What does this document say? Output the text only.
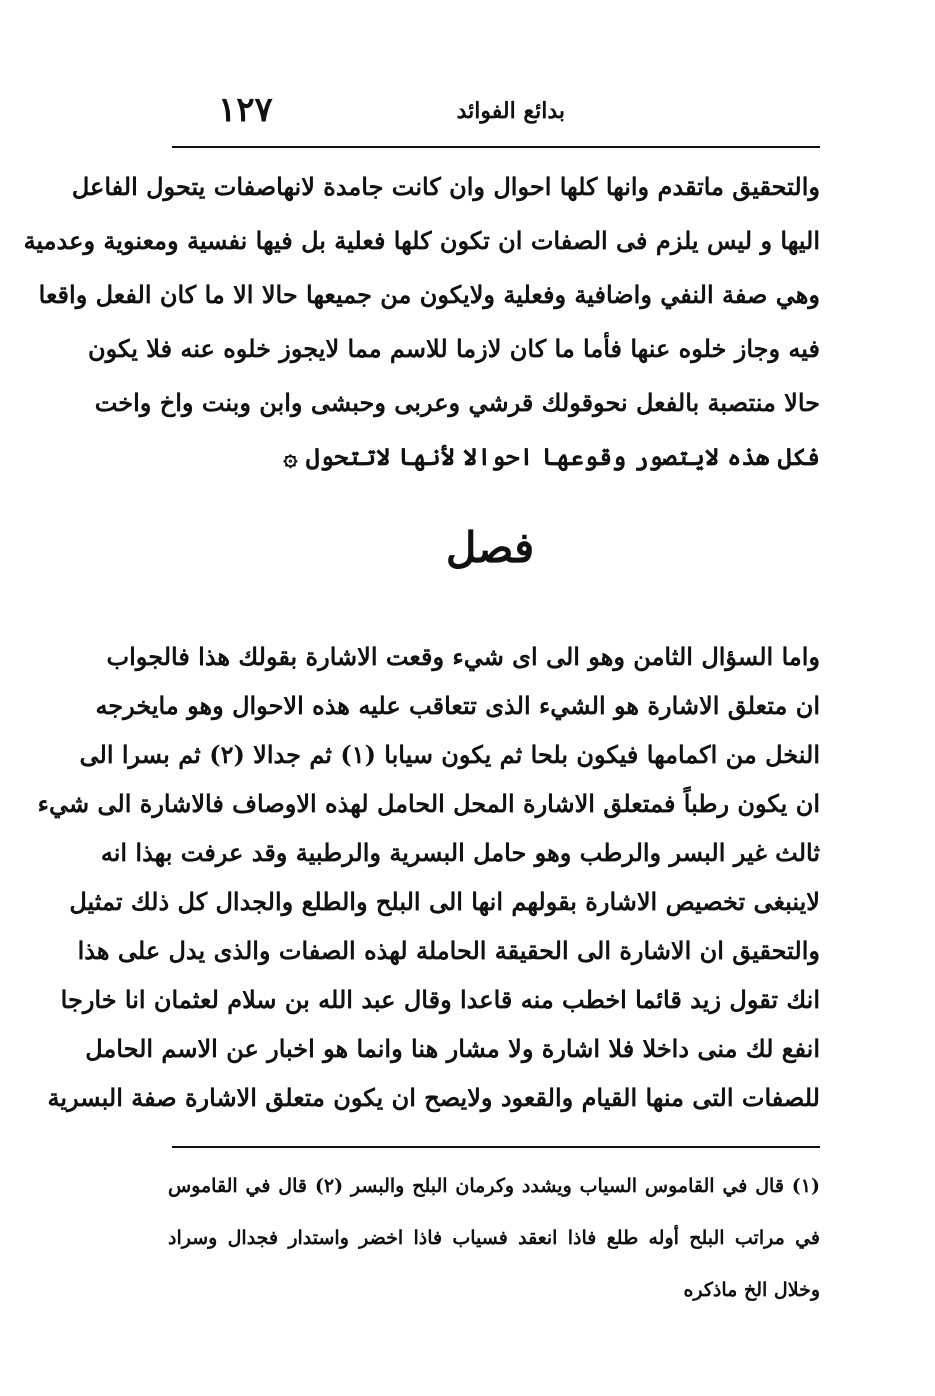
بدائع الفوائد
١٢٧
والتحقيق ماتقدم وانها كلها احوال وان كانت جامدة لانهاصفات يتحول الفاعل
اليها و ليس يلزم فى الصفات ان تكون كلها فعلية بل فيها نفسية ومعنوية وعدمية
وهي صفة النفي واضافية وفعلية ولايكون من جميعها حالا الا ما كان الفعل واقعا
فيه وجاز خلوه عنها فأما ما كان لازما للاسم مما لايجوز خلوه عنه فلا يكون
حالا منتصبة بالفعل نحوقولك قرشي وعربى وحبشى وابن وبنت واخ واخت
فكل هذه لايتصور وقوعها احوالا لأنها لاتتحول ۞
فصل
واما السؤال الثامن وهو الى اى شيء وقعت الاشارة بقولك هذا فالجواب
ان متعلق الاشارة هو الشيء الذى تتعاقب عليه هذه الاحوال وهو مايخرجه
النخل من اكمامها فيكون بلحا ثم يكون سيابا (١) ثم جدالا (٢) ثم بسرا الى
ان يكون رطباً فمتعلق الاشارة المحل الحامل لهذه الاوصاف فالاشارة الى شيء
ثالث غير البسر والرطب وهو حامل البسرية والرطبية وقد عرفت بهذا انه
لاينبغى تخصيص الاشارة بقولهم انها الى البلح والطلع والجدال كل ذلك تمثيل
والتحقيق ان الاشارة الى الحقيقة الحاملة لهذه الصفات والذى يدل على هذا
انك تقول زيد قائما اخطب منه قاعدا وقال عبد الله بن سلام لعثمان انا خارجا
انفع لك منى داخلا فلا اشارة ولا مشار هنا وانما هو اخبار عن الاسم الحامل
للصفات التى منها القيام والقعود ولايصح ان يكون متعلق الاشارة صفة البسرية
(١) قال في القاموس السياب ويشدد وكرمان البلح والبسر (٢) قال في القاموس
في مراتب البلح أوله طلع فاذا انعقد فسياب فاذا اخضر واستدار فجدال وسراد
وخلال الخ ماذكره
